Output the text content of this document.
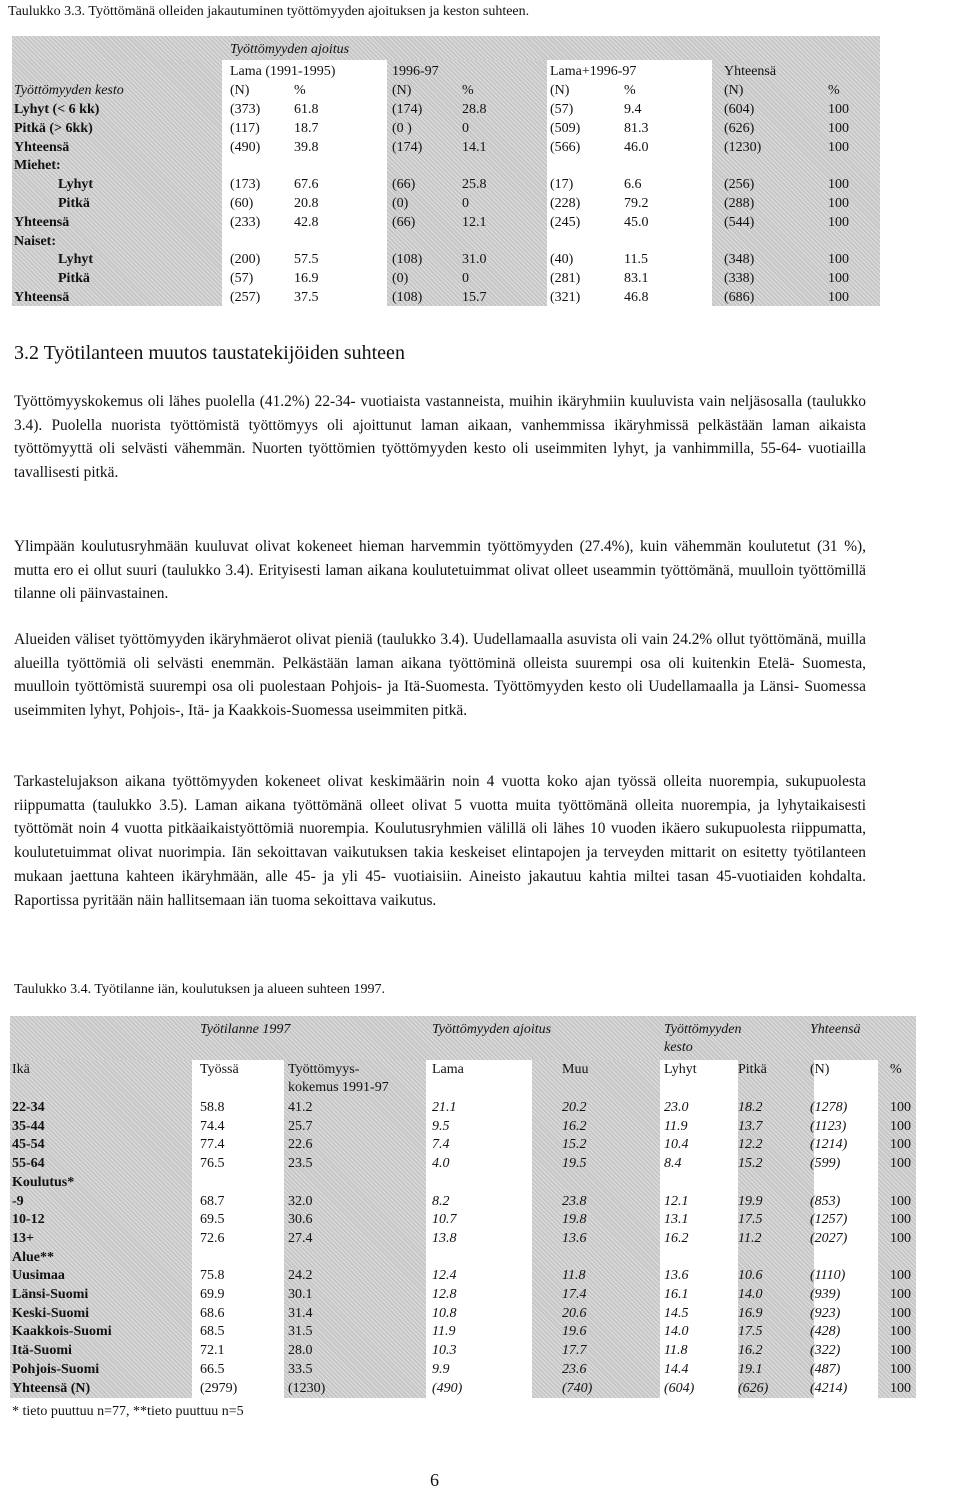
Taulukko 3.3. Työttömänä olleiden jakautuminen työttömyyden ajoituksen ja keston suhteen.
Työttömyyden ajoitus
Lama (1991-1995)	1996-97	Lama+1996-97	Yhteensä
Työttömyyden kesto	(N)	%	(N)	%	(N)	%	(N)	%
Lyhyt (< 6 kk)	(373) 61.8	(174)	28.8	(57)	9.4	(604)	100
Pitkä (> 6kk)	(117) 18.7	(0 )	0	(509)	81.3	(626)	100
Yhteensä	(490) 39.8	(174)	14.1	(566)	46.0	(1230)	100
Miehet:
Lyhyt	(173) 67.6	(66)	25.8	(17)	6.6	(256)	100
Pitkä	(60)	20.8	(0)	0	(228)	79.2	(288)	100
Yhteensä	(233) 42.8	(66)	12.1	(245)	45.0	(544)	100
Naiset:
Lyhyt	(200) 57.5	(108)	31.0	(40)	11.5	(348)	100
Pitkä	(57)	16.9	(0)	0	(281)	83.1	(338)	100
Yhteensä	(257) 37.5	(108)	15.7	(321)	46.8	(686)	100
3.2 Työtilanteen muutos taustatekijöiden suhteen

Työttömyyskokemus oli lähes puolella (41.2%) 22-34- vuotiaista vastanneista, muihin ikäryhmiin kuuluvista vain neljäsosalla (taulukko 3.4). Puolella nuorista työttömistä työttömyys oli ajoittunut laman aikaan, vanhemmissa ikäryhmissä pelkästään laman aikaista työttömyyttä oli selvästi vähemmän. Nuorten työttömien työttömyyden kesto oli useimmiten lyhyt, ja vanhimmilla, 55-64- vuotiailla tavallisesti pitkä.

Ylimpään koulutusryhmään kuuluvat olivat kokeneet hieman harvemmin työttömyyden (27.4%), kuin vähemmän koulutetut (31 %), mutta ero ei ollut suuri (taulukko 3.4). Erityisesti laman aikana koulutetuimmat olivat olleet useammin työttömänä, muulloin työttömillä tilanne oli päinvastainen.

Alueiden väliset työttömyyden ikäryhmäerot olivat pieniä (taulukko 3.4). Uudellamaalla asuvista oli vain 24.2% ollut työttömänä, muilla alueilla työttömiä oli selvästi enemmän. Pelkästään laman aikana työttöminä olleista suurempi osa oli kuitenkin Etelä- Suomesta, muulloin työttömistä suurempi osa oli puolestaan Pohjois- ja Itä-Suomesta. Työttömyyden kesto oli Uudellamaalla ja Länsi- Suomessa useimmiten lyhyt, Pohjois-, Itä- ja Kaakkois-Suomessa useimmiten pitkä.

Tarkastelujakson aikana työttömyyden kokeneet olivat keskimäärin noin 4 vuotta koko ajan työssä olleita nuorempia, sukupuolesta riippumatta (taulukko 3.5). Laman aikana työttömänä olleet olivat 5 vuotta muita työttömänä olleita nuorempia, ja lyhytaikaisesti työttömät noin 4 vuotta pitkäaikaistyöttömiä nuorempia. Koulutusryhmien välillä oli lähes 10 vuoden ikäero sukupuolesta riippumatta, koulutetuimmat olivat nuorimpia. Iän sekoittavan vaikutuksen takia keskeiset elintapojen ja terveyden mittarit on esitetty työtilanteen mukaan jaettuna kahteen ikäryhmään, alle 45- ja yli 45- vuotiaisiin. Aineisto jakautuu kahtia miltei tasan 45-vuotiaiden kohdalta. Raportissa pyritään näin hallitsemaan iän tuoma sekoittava vaikutus.

Taulukko 3.4. Työtilanne iän, koulutuksen ja alueen suhteen 1997.
Työtilanne 1997	Työttömyyden ajoitus	Työttömyyden
kesto
Yhteensä
Ikä	Työssä	Työttömyys-
kokemus 1991-97
Lama	Muu	Lyhyt	Pitkä	(N)	%
22-34	58.8	41.2	21.1	20.2	23.0	18.2	(1278)	100
35-44	74.4	25.7	9.5	16.2	11.9	13.7	(1123)	100
45-54	77.4	22.6	7.4	15.2	10.4	12.2	(1214)	100
55-64	76.5	23.5	4.0	19.5	8.4	15.2	(599)	100
Koulutus*
-9	68.7	32.0	8.2	23.8	12.1	19.9	(853)	100
10-12	69.5	30.6	10.7	19.8	13.1	17.5	(1257)	100
13+	72.6	27.4	13.8	13.6	16.2	11.2	(2027)	100
Alue**
Uusimaa	75.8	24.2	12.4	11.8	13.6	10.6	(1110)	100
Länsi-Suomi	69.9	30.1	12.8	17.4	16.1	14.0	(939)	100
Keski-Suomi	68.6	31.4	10.8	20.6	14.5	16.9	(923)	100
Kaakkois-Suomi	68.5	31.5	11.9	19.6	14.0	17.5	(428)	100
Itä-Suomi	72.1	28.0	10.3	17.7	11.8	16.2	(322)	100
Pohjois-Suomi	66.5	33.5	9.9	23.6	14.4	19.1	(487)	100
Yhteensä (N)	(2979)	(1230)	(490)	(740)	(604)	(626)	(4214)	100
* tieto puuttuu n=77, **tieto puuttuu n=5
6
